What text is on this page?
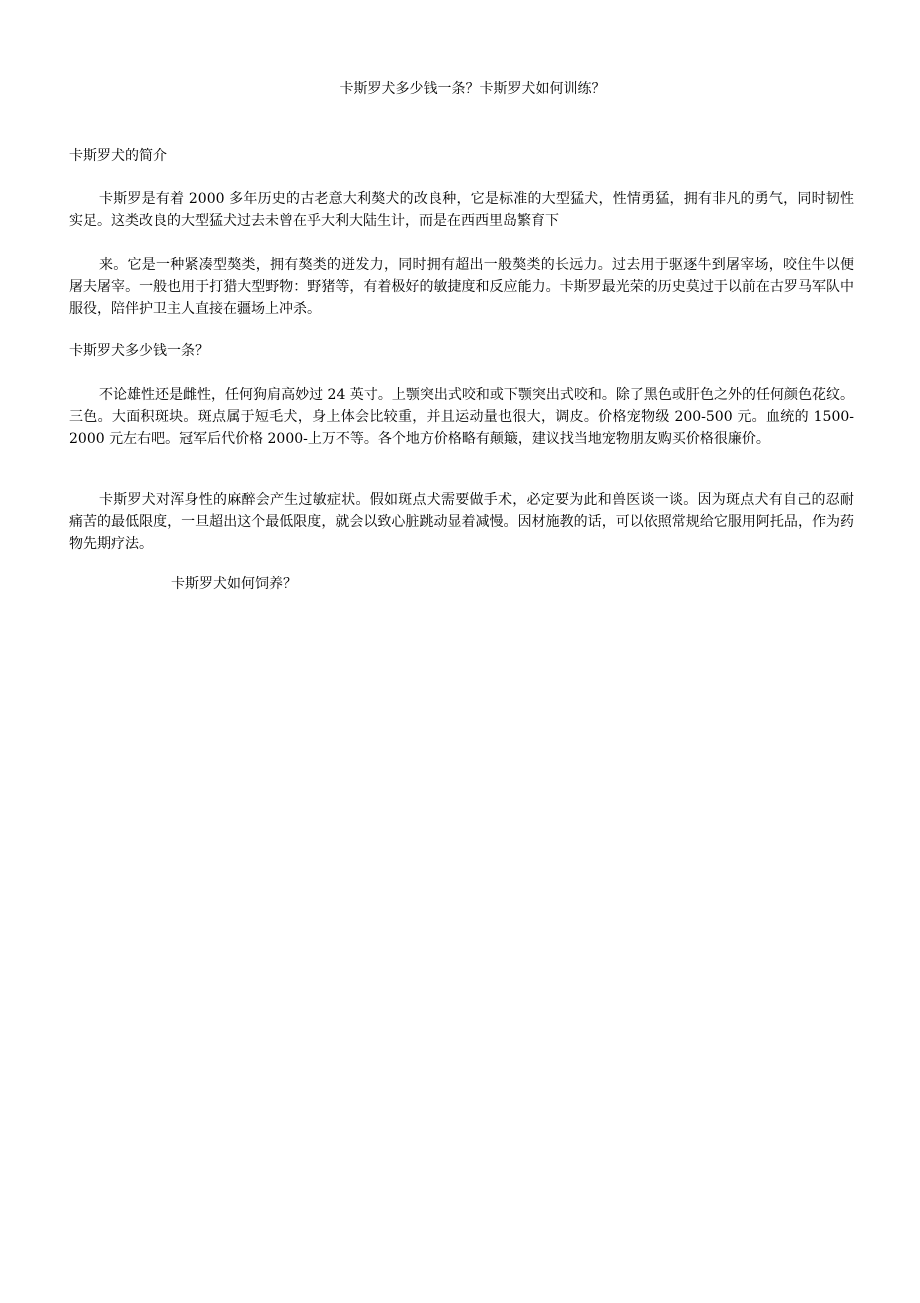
卡斯罗犬多少钱一条？卡斯罗犬如何训练？
卡斯罗犬的简介
卡斯罗是有着 2000 多年历史的古老意大利獒犬的改良种，它是标准的大型猛犬，性情勇猛，拥有非凡的勇气，同时韧性实足。这类改良的大型猛犬过去未曾在乎大利大陆生计，而是在西西里岛繁育下
来。它是一种紧凑型獒类，拥有獒类的迸发力，同时拥有超出一般獒类的长远力。过去用于驱逐牛到屠宰场，咬住牛以便屠夫屠宰。一般也用于打猎大型野物：野猪等，有着极好的敏捷度和反应能力。卡斯罗最光荣的历史莫过于以前在古罗马军队中服役，陪伴护卫主人直接在疆场上冲杀。
卡斯罗犬多少钱一条？
不论雄性还是雌性，任何狗肩高妙过 24 英寸。上颚突出式咬和或下颚突出式咬和。除了黑色或肝色之外的任何颜色花纹。三色。大面积斑块。斑点属于短毛犬，身上体会比较重，并且运动量也很大，调皮。价格宠物级 200-500 元。血统的 1500-2000 元左右吧。冠军后代价格 2000-上万不等。各个地方价格略有颠簸，建议找当地宠物朋友购买价格很廉价。
卡斯罗犬对浑身性的麻醉会产生过敏症状。假如斑点犬需要做手术，必定要为此和兽医谈一谈。因为斑点犬有自己的忍耐痛苦的最低限度，一旦超出这个最低限度，就会以致心脏跳动显着减慢。因材施教的话，可以依照常规给它服用阿托品，作为药物先期疗法。
卡斯罗犬如何饲养？
